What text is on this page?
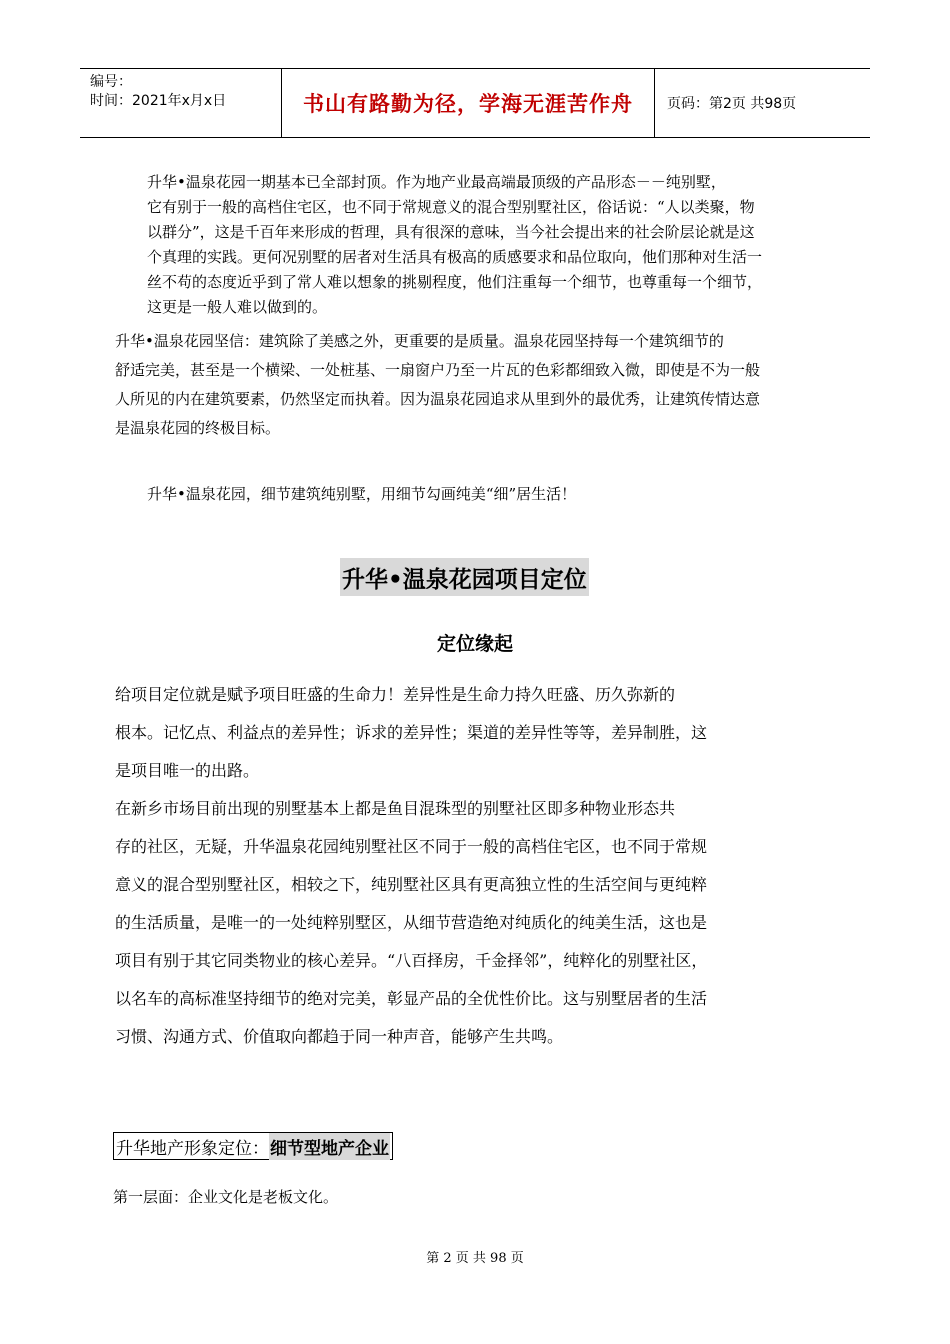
编号：
时间：2021年x月x日	书山有路勤为径，学海无涯苦作舟	页码：第2页 共98页
升华•温泉花园一期基本已全部封顶。作为地产业最高端最顶级的产品形态－－纯别墅，
它有别于一般的高档住宅区，也不同于常规意义的混合型别墅社区，俗话说：“人以类聚，物
以群分”，这是千百年来形成的哲理，具有很深的意味，当今社会提出来的社会阶层论就是这
个真理的实践。更何况别墅的居者对生活具有极高的质感要求和品位取向，他们那种对生活一
丝不苟的态度近乎到了常人难以想象的挑剔程度，他们注重每一个细节，也尊重每一个细节，
这更是一般人难以做到的。
升华•温泉花园坚信：建筑除了美感之外，更重要的是质量。温泉花园坚持每一个建筑细节的
舒适完美，甚至是一个横梁、一处桩基、一扇窗户乃至一片瓦的色彩都细致入微，即使是不为一般
人所见的内在建筑要素，仍然坚定而执着。因为温泉花园追求从里到外的最优秀，让建筑传情达意
是温泉花园的终极目标。
升华•温泉花园，细节建筑纯别墅，用细节勾画纯美“细”居生活！
升华•温泉花园项目定位
定位缘起
给项目定位就是赋予项目旺盛的生命力！差异性是生命力持久旺盛、历久弥新的
根本。记忆点、利益点的差异性；诉求的差异性；渠道的差异性等等，差异制胜，这
是项目唯一的出路。
在新乡市场目前出现的别墅基本上都是鱼目混珠型的别墅社区即多种物业形态共
存的社区，无疑，升华温泉花园纯别墅社区不同于一般的高档住宅区，也不同于常规
意义的混合型别墅社区，相较之下，纯别墅社区具有更高独立性的生活空间与更纯粹
的生活质量，是唯一的一处纯粹别墅区，从细节营造绝对纯质化的纯美生活，这也是
项目有别于其它同类物业的核心差异。“八百择房，千金择邻”，纯粹化的别墅社区，
以名车的高标准坚持细节的绝对完美，彰显产品的全优性价比。这与别墅居者的生活
习惯、沟通方式、价值取向都趋于同一种声音，能够产生共鸣。
升华地产形象定位： 细节型地产企业
第一层面：企业文化是老板文化。
第 2 页 共 98 页
